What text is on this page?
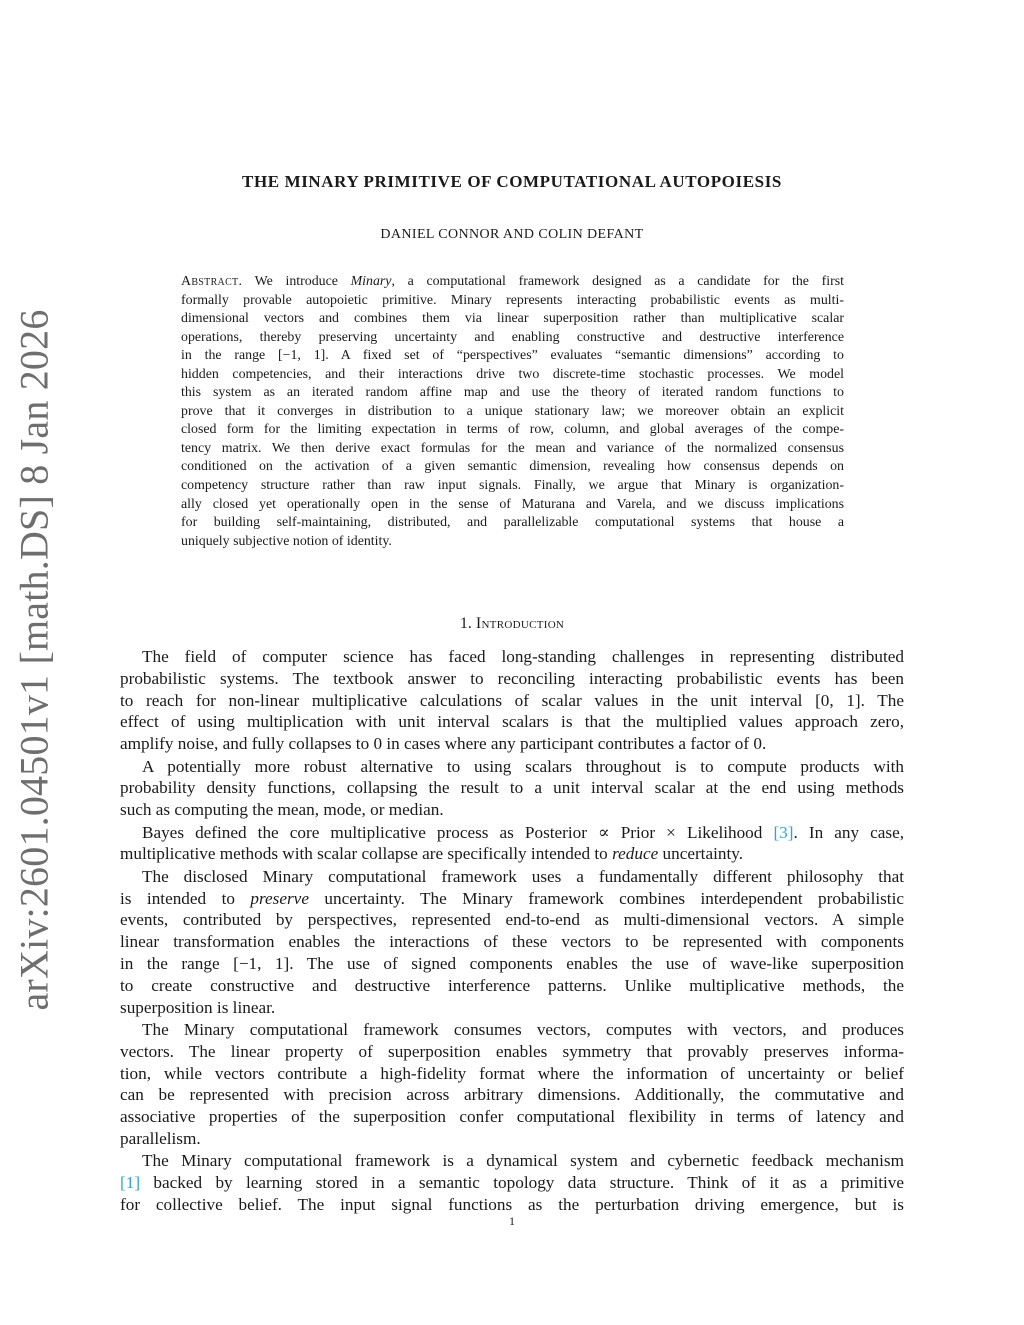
arXiv:2601.04501v1 [math.DS] 8 Jan 2026
THE MINARY PRIMITIVE OF COMPUTATIONAL AUTOPOIESIS
DANIEL CONNOR AND COLIN DEFANT
Abstract. We introduce Minary, a computational framework designed as a candidate for the first
formally provable autopoietic primitive. Minary represents interacting probabilistic events as multi-
dimensional vectors and combines them via linear superposition rather than multiplicative scalar
operations, thereby preserving uncertainty and enabling constructive and destructive interference
in the range [−1, 1]. A fixed set of “perspectives” evaluates “semantic dimensions” according to
hidden competencies, and their interactions drive two discrete-time stochastic processes. We model
this system as an iterated random affine map and use the theory of iterated random functions to
prove that it converges in distribution to a unique stationary law; we moreover obtain an explicit
closed form for the limiting expectation in terms of row, column, and global averages of the compe-
tency matrix. We then derive exact formulas for the mean and variance of the normalized consensus
conditioned on the activation of a given semantic dimension, revealing how consensus depends on
competency structure rather than raw input signals. Finally, we argue that Minary is organization-
ally closed yet operationally open in the sense of Maturana and Varela, and we discuss implications
for building self-maintaining, distributed, and parallelizable computational systems that house a
uniquely subjective notion of identity.
1. Introduction
The field of computer science has faced long-standing challenges in representing distributed
probabilistic systems. The textbook answer to reconciling interacting probabilistic events has been
to reach for non-linear multiplicative calculations of scalar values in the unit interval [0, 1]. The
effect of using multiplication with unit interval scalars is that the multiplied values approach zero,
amplify noise, and fully collapses to 0 in cases where any participant contributes a factor of 0.
A potentially more robust alternative to using scalars throughout is to compute products with
probability density functions, collapsing the result to a unit interval scalar at the end using methods
such as computing the mean, mode, or median.
Bayes defined the core multiplicative process as Posterior ∝ Prior × Likelihood [3]. In any case,
multiplicative methods with scalar collapse are specifically intended to reduce uncertainty.
The disclosed Minary computational framework uses a fundamentally different philosophy that
is intended to preserve uncertainty. The Minary framework combines interdependent probabilistic
events, contributed by perspectives, represented end-to-end as multi-dimensional vectors. A simple
linear transformation enables the interactions of these vectors to be represented with components
in the range [−1, 1]. The use of signed components enables the use of wave-like superposition
to create constructive and destructive interference patterns. Unlike multiplicative methods, the
superposition is linear.
The Minary computational framework consumes vectors, computes with vectors, and produces
vectors. The linear property of superposition enables symmetry that provably preserves informa-
tion, while vectors contribute a high-fidelity format where the information of uncertainty or belief
can be represented with precision across arbitrary dimensions. Additionally, the commutative and
associative properties of the superposition confer computational flexibility in terms of latency and
parallelism.
The Minary computational framework is a dynamical system and cybernetic feedback mechanism
[1] backed by learning stored in a semantic topology data structure. Think of it as a primitive
for collective belief. The input signal functions as the perturbation driving emergence, but is
1
